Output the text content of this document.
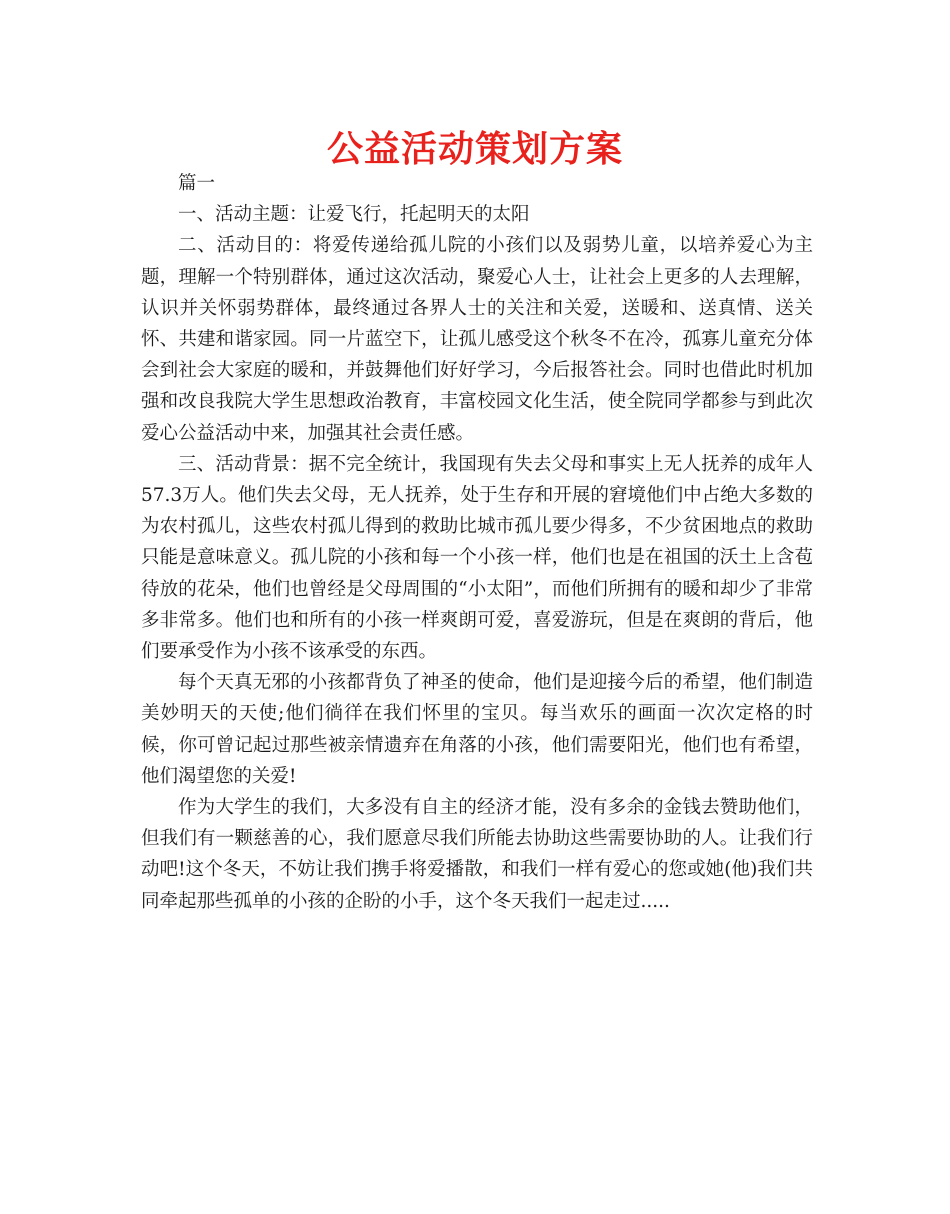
公益活动策划方案

篇一

一、活动主题：让爱飞行，托起明天的太阳

二、活动目的：将爱传递给孤儿院的小孩们以及弱势儿童，以培养爱心为主题，理解一个特别群体，通过这次活动，聚爱心人士，让社会上更多的人去理解，认识并关怀弱势群体，最终通过各界人士的关注和关爱，送暖和、送真情、送关怀、共建和谐家园。同一片蓝空下，让孤儿感受这个秋冬不在冷，孤寡儿童充分体会到社会大家庭的暖和，并鼓舞他们好好学习，今后报答社会。同时也借此时机加强和改良我院大学生思想政治教育，丰富校园文化生活，使全院同学都参与到此次爱心公益活动中来，加强其社会责任感。

三、活动背景：据不完全统计，我国现有失去父母和事实上无人抚养的成年人57.3万人。他们失去父母，无人抚养，处于生存和开展的窘境他们中占绝大多数的为农村孤儿，这些农村孤儿得到的救助比城市孤儿要少得多，不少贫困地点的救助只能是意味意义。孤儿院的小孩和每一个小孩一样，他们也是在祖国的沃土上含苞待放的花朵，他们也曾经是父母周围的“小太阳”，而他们所拥有的暖和却少了非常多非常多。他们也和所有的小孩一样爽朗可爱，喜爱游玩，但是在爽朗的背后，他们要承受作为小孩不该承受的东西。

每个天真无邪的小孩都背负了神圣的使命，他们是迎接今后的希望，他们制造美妙明天的天使;他们徜徉在我们怀里的宝贝。每当欢乐的画面一次次定格的时候，你可曾记起过那些被亲情遗弃在角落的小孩，他们需要阳光，他们也有希望，他们渴望您的关爱!

作为大学生的我们，大多没有自主的经济才能，没有多余的金钱去赞助他们，但我们有一颗慈善的心，我们愿意尽我们所能去协助这些需要协助的人。让我们行动吧!这个冬天，不妨让我们携手将爱播散，和我们一样有爱心的您或她(他)我们共同牵起那些孤单的小孩的企盼的小手，这个冬天我们一起走过.....
